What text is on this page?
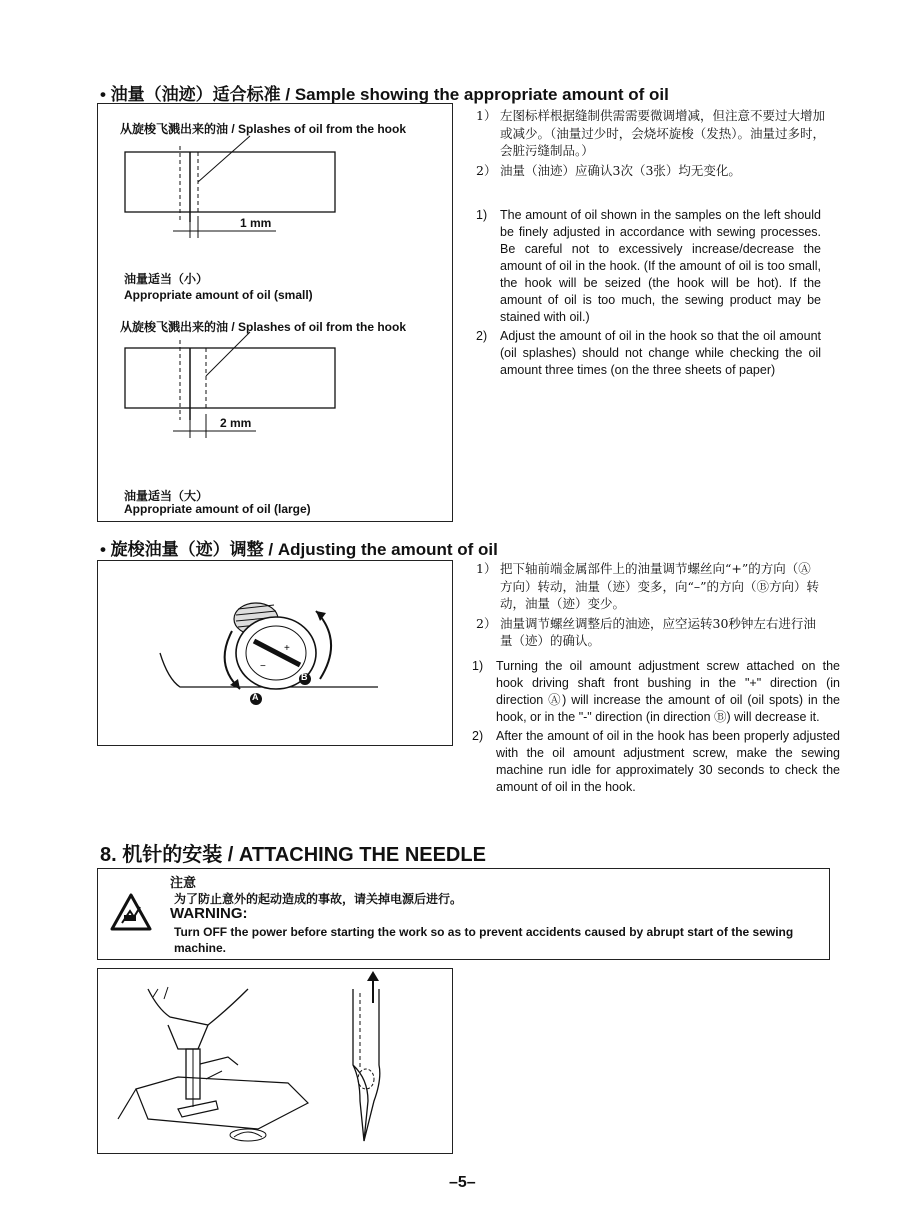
• 油量（油迹）适合标准 / Sample showing the appropriate amount of oil
从旋梭飞溅出来的油 / Splashes of oil from the hook
1 mm
油量适当（小）
Appropriate amount of oil (small)
从旋梭飞溅出来的油 / Splashes of oil from the hook
2 mm
油量适当（大）
Appropriate amount of oil (large)
1） 左图标样根据缝制供需需要微调增减，但注意不要过大增加或减少。（油量过少时，会烧坏旋梭（发热）。油量过多时，会脏污缝制品。）
2） 油量（油迹）应确认3次（3张）均无变化。
1) The amount of oil shown in the samples on the left should be finely adjusted in accordance with sewing processes. Be careful not to excessively increase/decrease the amount of oil in the hook. (If the amount of oil is too small, the hook will be seized (the hook will be hot). If the amount of oil is too much, the sewing product may be stained with oil.)
2) Adjust the amount of oil in the hook so that the oil amount (oil splashes) should not change while checking the oil amount three times (on the three sheets of paper)
• 旋梭油量（迹）调整 / Adjusting the amount of oil
+
−
A
B
1） 把下轴前端金属部件上的油量调节螺丝向“+”的方向（Ⓐ方向）转动，油量（迹）变多，向“–”的方向（Ⓑ方向）转动，油量（迹）变少。
2） 油量调节螺丝调整后的油迹，应空运转30秒钟左右进行油量（迹）的确认。
1) Turning the oil amount adjustment screw attached on the hook driving shaft front bushing in the "+" direction (in direction Ⓐ) will increase the amount of oil (oil spots) in the hook, or in the "-" direction (in direction Ⓑ) will decrease it.
2) After the amount of oil in the hook has been properly adjusted with the oil amount adjustment screw, make the sewing machine run idle for approximately 30 seconds to check the amount of oil in the hook.
8. 机针的安装 / ATTACHING THE NEEDLE
注意
为了防止意外的起动造成的事故，请关掉电源后进行。
WARNING:
Turn OFF the power before starting the work so as to prevent accidents caused by abrupt start of the sewing machine.
–5–
